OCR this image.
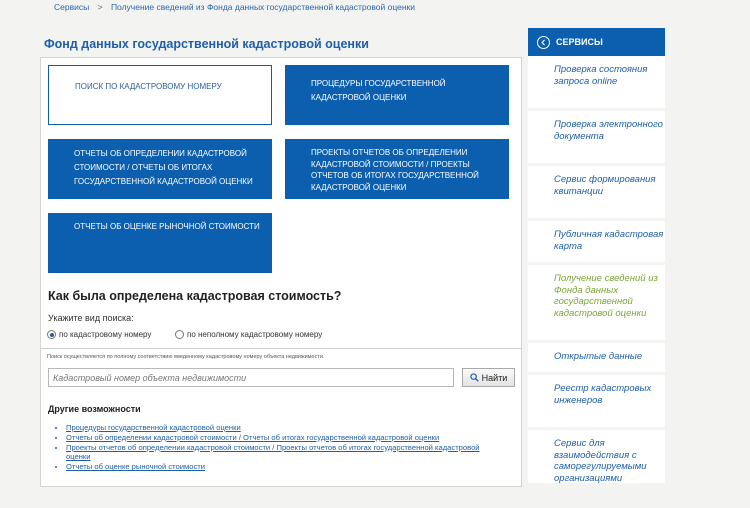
Сервисы > Получение сведений из Фонда данных государственной кадастровой оценки
Фонд данных государственной кадастровой оценки
ПОИСК ПО КАДАСТРОВОМУ НОМЕРУ	ПРОЦЕДУРЫ ГОСУДАРСТВЕННОЙ КАДАСТРОВОЙ ОЦЕНКИ
ОТЧЕТЫ ОБ ОПРЕДЕЛЕНИИ КАДАСТРОВОЙ СТОИМОСТИ / ОТЧЕТЫ ОБ ИТОГАХ ГОСУДАРСТВЕННОЙ КАДАСТРОВОЙ ОЦЕНКИ
ПРОЕКТЫ ОТЧЕТОВ ОБ ОПРЕДЕЛЕНИИ КАДАСТРОВОЙ СТОИМОСТИ / ПРОЕКТЫ ОТЧЕТОВ ОБ ИТОГАХ ГОСУДАРСТВЕННОЙ КАДАСТРОВОЙ ОЦЕНКИ
ОТЧЕТЫ ОБ ОЦЕНКЕ РЫНОЧНОЙ СТОИМОСТИ
Как была определена кадастровая стоимость?
Укажите вид поиска:
по кадастровому номеру	по неполному кадастровому номеру
Поиск осуществляется по полному соответствию введенному кадастровому номеру объекта недвижимости.
Кадастровый номер объекта недвижимости
Найти
Другие возможности
• Процедуры государственной кадастровой оценки
• Отчеты об определении кадастровой стоимости / Отчеты об итогах государственной кадастровой оценки
• Проекты отчетов об определении кадастровой стоимости / Проекты отчетов об итогах государственной кадастровой оценки
• Отчеты об оценке рыночной стоимости
СЕРВИСЫ
Проверка состояния запроса online
Проверка электронного документа
Сервис формирования квитанции
Публичная кадастровая карта
Получение сведений из Фонда данных государственной кадастровой оценки
Открытые данные
Реестр кадастровых инженеров
Сервис для взаимодействия с саморегулируемыми организациями
